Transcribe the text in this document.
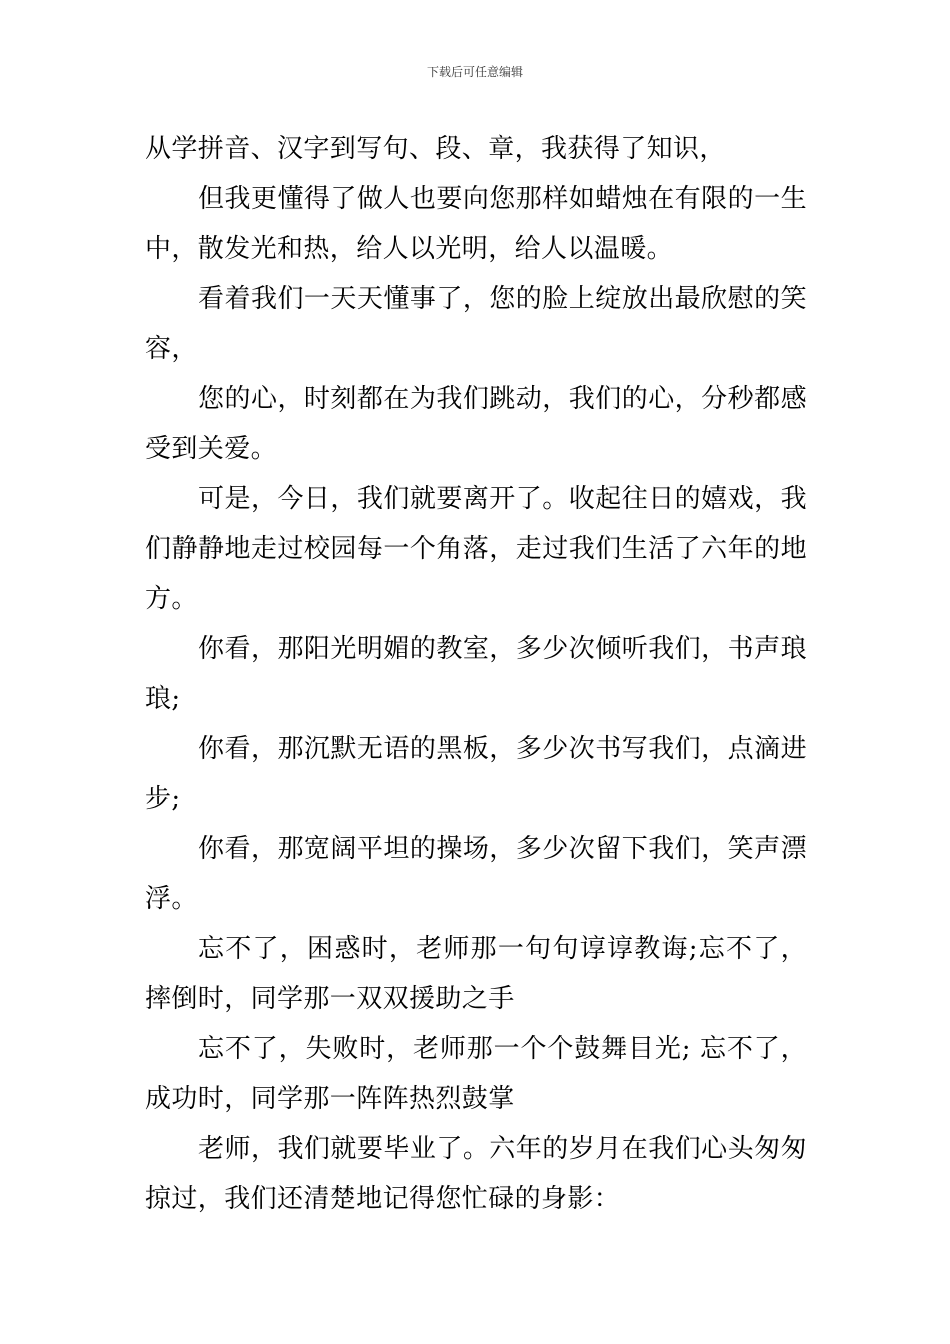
下载后可任意编辑

从学拼音、汉字到写句、段、章，我获得了知识，

但我更懂得了做人也要向您那样如蜡烛在有限的一生中，散发光和热，给人以光明，给人以温暖。

看着我们一天天懂事了，您的脸上绽放出最欣慰的笑容，

您的心，时刻都在为我们跳动，我们的心，分秒都感受到关爱。

可是，今日，我们就要离开了。收起往日的嬉戏，我们静静地走过校园每一个角落，走过我们生活了六年的地方。

你看，那阳光明媚的教室，多少次倾听我们，书声琅琅;

你看，那沉默无语的黑板，多少次书写我们，点滴进步;

你看，那宽阔平坦的操场，多少次留下我们，笑声漂浮。

忘不了，困惑时，老师那一句句谆谆教诲;忘不了，摔倒时，同学那一双双援助之手

忘不了，失败时，老师那一个个鼓舞目光; 忘不了，成功时，同学那一阵阵热烈鼓掌

老师，我们就要毕业了。六年的岁月在我们心头匆匆掠过，我们还清楚地记得您忙碌的身影：
